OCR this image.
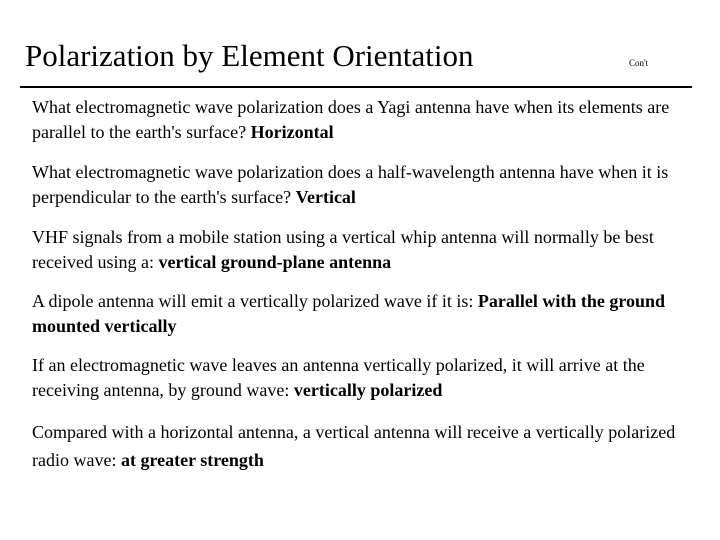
Polarization by Element Orientation	Con't

What electromagnetic wave polarization does a Yagi antenna have when its elements are parallel to the earth's surface? Horizontal

What electromagnetic wave polarization does a half-wavelength antenna have when it is perpendicular to the earth's surface? Vertical

VHF signals from a mobile station using a vertical whip antenna will normally be best received using a: vertical ground-plane antenna

A dipole antenna will emit a vertically polarized wave if it is: Parallel with the ground mounted vertically

If an electromagnetic wave leaves an antenna vertically polarized, it will arrive at the receiving antenna, by ground wave: vertically polarized

Compared with a horizontal antenna, a vertical antenna will receive a vertically polarized radio wave: at greater strength
